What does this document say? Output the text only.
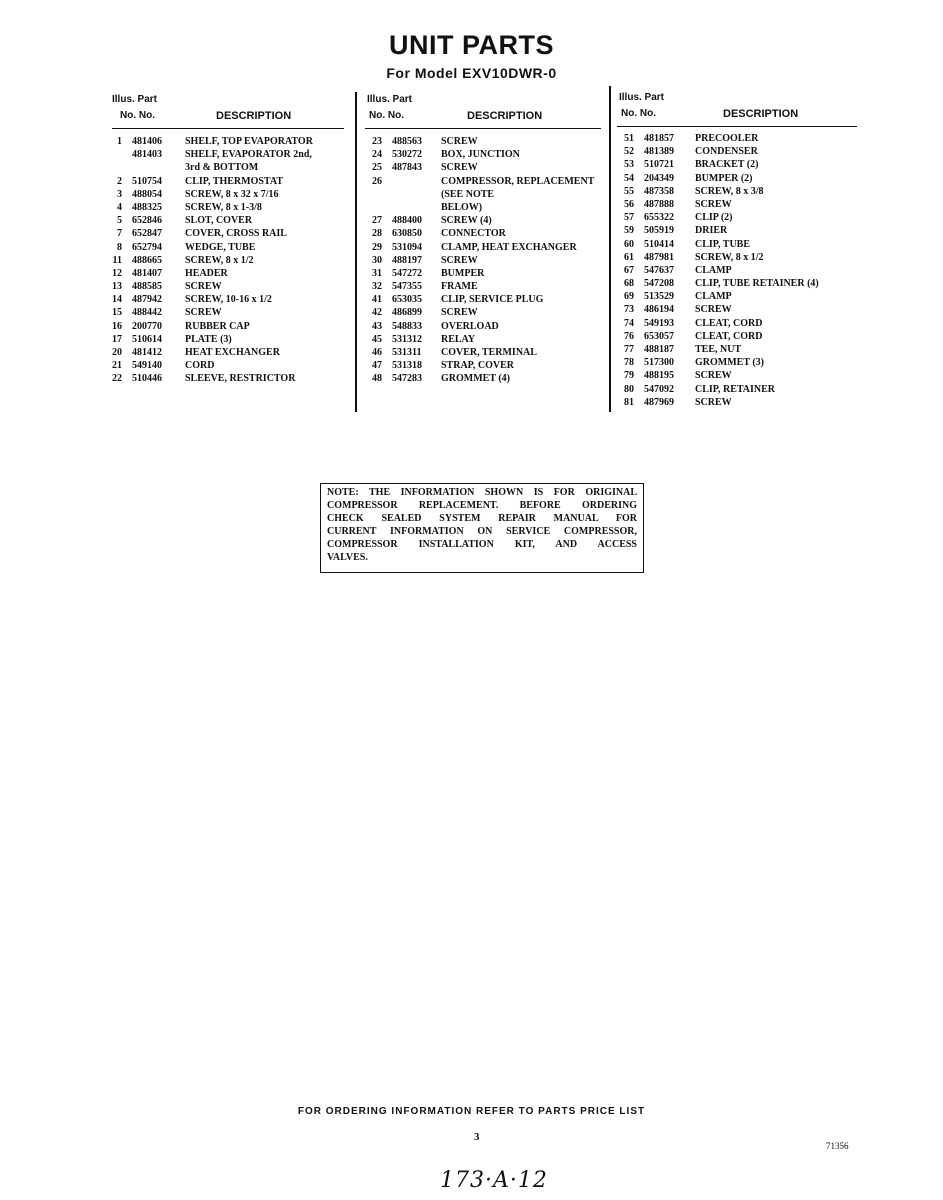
UNIT PARTS
For Model EXV10DWR-0
Illus. Part
No. No.	DESCRIPTION
1 481406 SHELF, TOP EVAPORATOR
481403 SHELF, EVAPORATOR 2nd,
3rd & BOTTOM
2 510754 CLIP, THERMOSTAT
3 488054 SCREW, 8 x 32 x 7/16
4 488325 SCREW, 8 x 1-3/8
5 652846 SLOT, COVER
7 652847 COVER, CROSS RAIL
8 652794 WEDGE, TUBE
11 488665 SCREW, 8 x 1/2
12 481407 HEADER
13 488585 SCREW
14 487942 SCREW, 10-16 x 1/2
15 488442 SCREW
16 200770 RUBBER CAP
17 510614 PLATE (3)
20 481412 HEAT EXCHANGER
21 549140 CORD
22 510446 SLEEVE, RESTRICTOR
Illus. Part
No. No.	DESCRIPTION
23 488563 SCREW
24 530272 BOX, JUNCTION
25 487843 SCREW
26	COMPRESSOR, REPLACEMENT
(SEE NOTE
BELOW)
27 488400 SCREW (4)
28 630850 CONNECTOR
29 531094 CLAMP, HEAT EXCHANGER
30 488197 SCREW
31 547272 BUMPER
32 547355 FRAME
41 653035 CLIP, SERVICE PLUG
42 486899 SCREW
43 548833 OVERLOAD
45 531312 RELAY
46 531311 COVER, TERMINAL
47 531318 STRAP, COVER
48 547283 GROMMET (4)
Illus. Part
No. No.	DESCRIPTION
51 481857 PRECOOLER
52 481389 CONDENSER
53 510721 BRACKET (2)
54 204349 BUMPER (2)
55 487358 SCREW, 8 x 3/8
56 487888 SCREW
57 655322 CLIP (2)
59 505919 DRIER
60 510414 CLIP, TUBE
61 487981 SCREW, 8 x 1/2
67 547637 CLAMP
68 547208 CLIP, TUBE RETAINER (4)
69 513529 CLAMP
73 486194 SCREW
74 549193 CLEAT, CORD
76 653057 CLEAT, CORD
77 488187 TEE, NUT
78 517300 GROMMET (3)
79 488195 SCREW
80 547092 CLIP, RETAINER
81 487969 SCREW
NOTE: THE INFORMATION SHOWN IS FOR ORIGINAL
COMPRESSOR REPLACEMENT. BEFORE ORDERING
CHECK SEALED SYSTEM REPAIR MANUAL FOR
CURRENT INFORMATION ON SERVICE COMPRESSOR,
COMPRESSOR INSTALLATION KIT, AND ACCESS
VALVES.
FOR ORDERING INFORMATION REFER TO PARTS PRICE LIST
3
71356
173·A·12
